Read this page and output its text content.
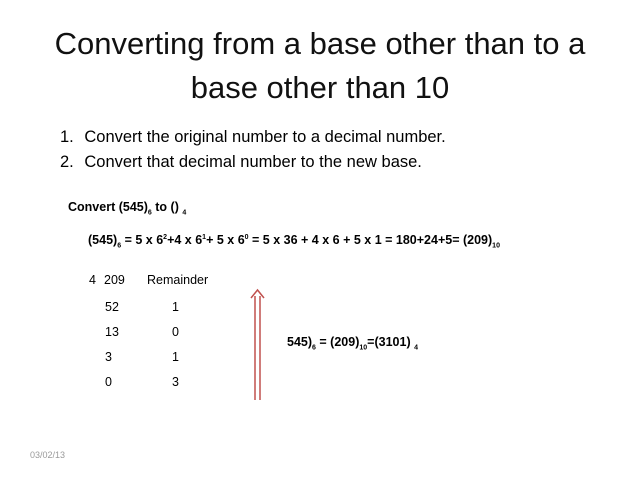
Converting from a base other than to a
base other than 10
1. Convert the original number to a decimal number.
2. Convert that decimal number to the new base.
Convert $(545)_6$ to () $_4$
$(545)_6 = 5$ x $6^2+4$ x $6^1+ 5$ x $6^0 = 5$ x 36 + 4 x 6 + 5 x $1 = 180+24+5= (209)_{10}$
4 209 Remainder
52	1
13	0
3	1
0	3
$545)_6 = (209)_{10}=(3101)$ $_4$
03/02/13
